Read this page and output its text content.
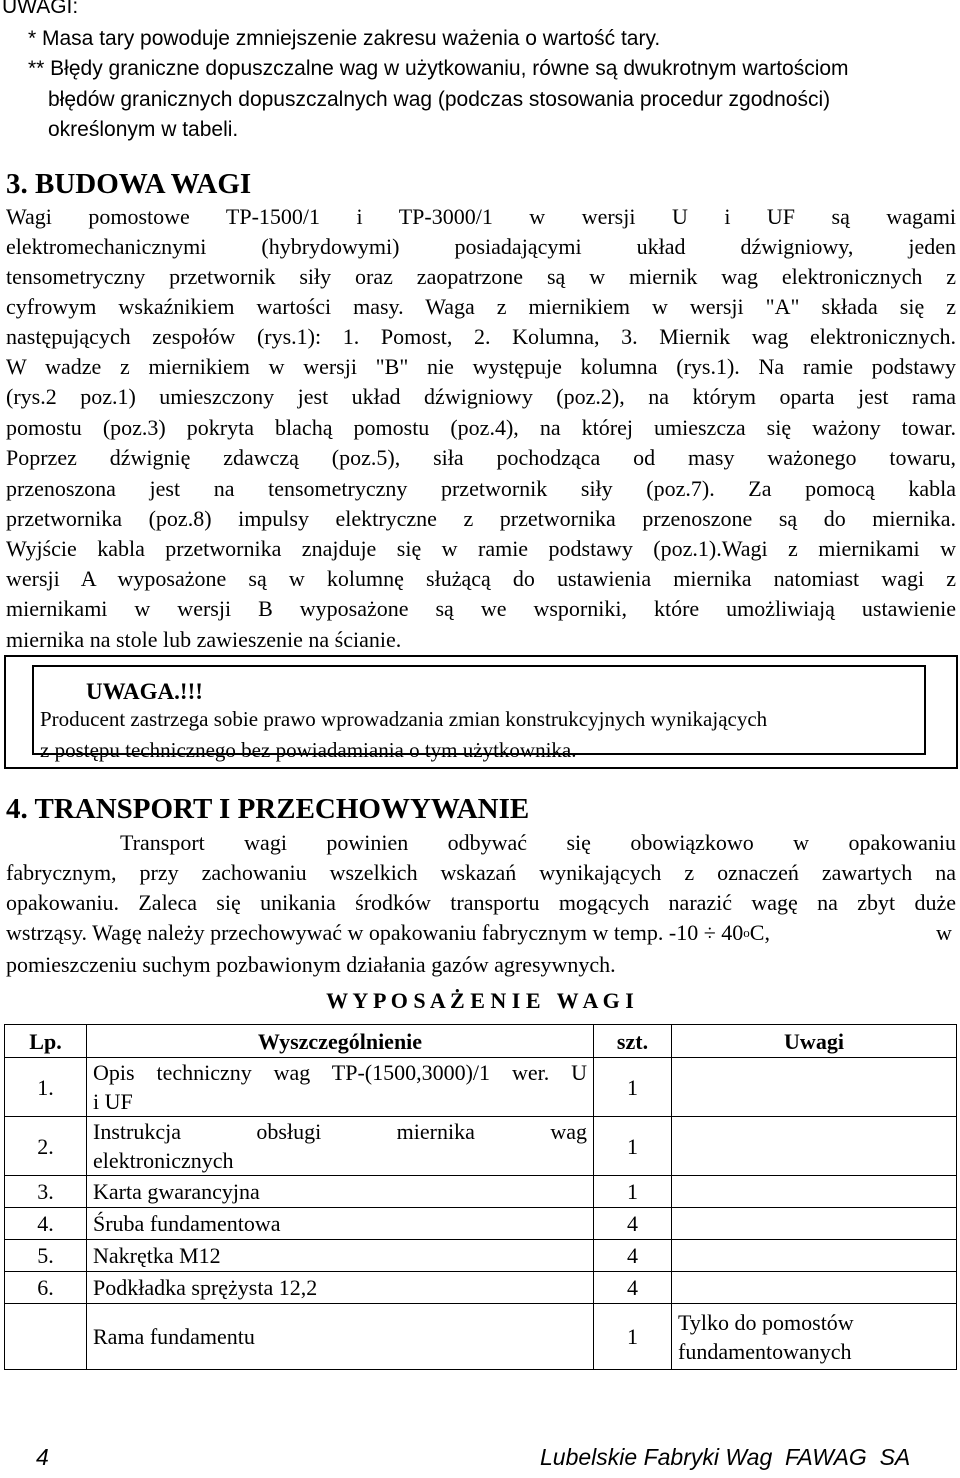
UWAGI:
* Masa tary powoduje zmniejszenie zakresu ważenia o wartość tary.
** Błędy graniczne dopuszczalne wag w użytkowaniu, równe są dwukrotnym wartościom
błędów granicznych dopuszczalnych wag (podczas stosowania procedur zgodności)
określonym w tabeli.
3. BUDOWA WAGI
Wagi pomostowe TP-1500/1 i TP-3000/1 w wersji U i UF są wagami
elektromechanicznymi (hybrydowymi) posiadającymi układ dźwigniowy, jeden
tensometryczny przetwornik siły oraz zaopatrzone są w miernik wag elektronicznych z
cyfrowym wskaźnikiem wartości masy. Waga z miernikiem w wersji "A" składa się z
następujących zespołów (rys.1): 1. Pomost, 2. Kolumna, 3. Miernik wag elektronicznych.
W wadze z miernikiem w wersji "B" nie występuje kolumna (rys.1). Na ramie podstawy
(rys.2 poz.1) umieszczony jest układ dźwigniowy (poz.2), na którym oparta jest rama
pomostu (poz.3) pokryta blachą pomostu (poz.4), na której umieszcza się ważony towar.
Poprzez dźwignię zdawczą (poz.5), siła pochodząca od masy ważonego towaru,
przenoszona jest na tensometryczny przetwornik siły (poz.7). Za pomocą kabla
przetwornika (poz.8) impulsy elektryczne z przetwornika przenoszone są do miernika.
Wyjście kabla przetwornika znajduje się w ramie podstawy (poz.1).Wagi z miernikami w
wersji A wyposażone są w kolumnę służącą do ustawienia miernika natomiast wagi z
miernikami w wersji B wyposażone są we wsporniki, które umożliwiają ustawienie
miernika na stole lub zawieszenie na ścianie.
UWAGA.!!!
Producent zastrzega sobie prawo wprowadzania zmian konstrukcyjnych wynikających
z postępu technicznego bez powiadamiania o tym użytkownika.
4. TRANSPORT I PRZECHOWYWANIE
Transport wagi powinien odbywać się obowiązkowo w opakowaniu
fabrycznym, przy zachowaniu wszelkich wskazań wynikających z oznaczeń zawartych na
opakowaniu. Zaleca się unikania środków transportu mogących narazić wagę na zbyt duże
wstrząsy. Wagę należy przechowywać w opakowaniu fabrycznym w temp. $-10 \div 40^oC$,	w
pomieszczeniu suchym pozbawionym działania gazów agresywnych.
W Y P O S A Ż E N I E   W A G I
Lp.	Wyszczególnienie	szt.	Uwagi
1.	Opis techniczny wag TP-(1500,3000)/1 wer. U
i UF	1	
2.	Instrukcja obsługi miernika wag
elektronicznych	1	
3.	Karta gwarancyjna	1	
4.	Śruba fundamentowa	4	
5.	Nakrętka M12	4	
6.	Podkładka sprężysta 12,2	4	
	Rama fundamentu	1	Tylko do pomostów
fundamentowanych
4	Lubelskie Fabryki Wag  FAWAG  SA
